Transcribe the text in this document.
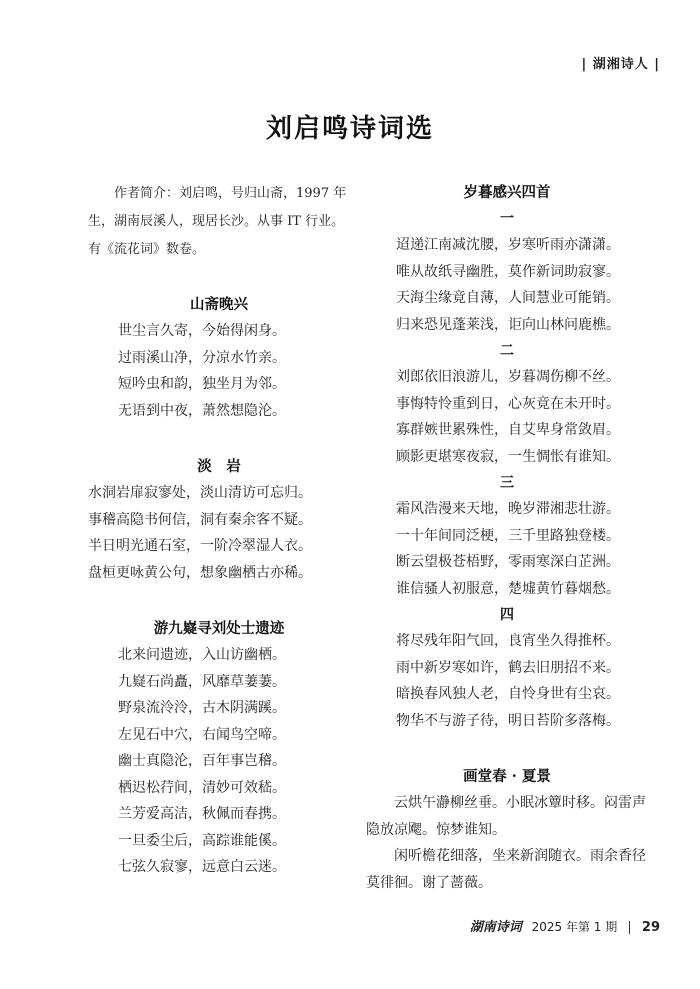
| 湖湘诗人 |
刘启鸣诗词选

作者简介：刘启鸣，号归山斋，1997 年生，湖南辰溪人，现居长沙。从事 IT 行业。有《流花词》数卷。

山斋晚兴
世尘言久寄，今始得闲身。
过雨溪山净，分凉水竹亲。
短吟虫和韵，独坐月为邻。
无语到中夜，萧然想隐沦。
淡　岩
水洞岩扉寂寥处，淡山清访可忘归。
事稽高隐书何信，洞有秦余客不疑。
半日明光通石室，一阶冷翠湿人衣。
盘桓更咏黄公句，想象幽栖古亦稀。
游九嶷寻刘处士遗迹
北来问遗迹，入山访幽栖。
九嶷石尚矗，风靡草萋萋。
野泉流泠泠，古木阴满蹊。
左见石中穴，右闻鸟空啼。
幽士真隐沦，百年事岂稽。
栖迟松荇间，清妙可效嵇。
兰芳爱高洁，秋佩而春携。
一旦委尘后，高踪谁能傒。
七弦久寂寥，远意白云迷。
岁暮感兴四首
一
迢递江南减沈腰，岁寒听雨亦潇潇。
唯从故纸寻幽胜，莫作新词助寂寥。
天海尘缘竟自薄，人间慧业可能销。
归来恐见蓬莱浅，讵向山林问鹿樵。
二
刘郎依旧浪游儿，岁暮凋伤柳不丝。
事悔特怜重到日，心灰竟在未开时。
寡群嫉世累殊性，自艾卑身常敛眉。
顾影更堪寒夜寂，一生惆怅有谁知。
三
霜风浩漫来天地，晚岁滞湘悲壮游。
一十年间同泛梗，三千里路独登楼。
断云望极苍梧野，零雨寒深白芷洲。
谁信骚人初服意，楚墟黄竹暮烟愁。
四
将尽残年阳气回，良宵坐久得推杯。
雨中新岁寒如许，鹤去旧朋招不来。
暗换春风独人老，自怜身世有尘哀。
物华不与游子待，明日苔阶多落梅。
画堂春 · 夏景

云烘午瀞柳丝垂。小眠冰簟时移。闷雷声隐放凉飔。惊梦谁知。

闲听檐花细落，坐来新润随衣。雨余香径莫徘徊。谢了蔷薇。

湖南诗词 2025 年第 1 期 29
